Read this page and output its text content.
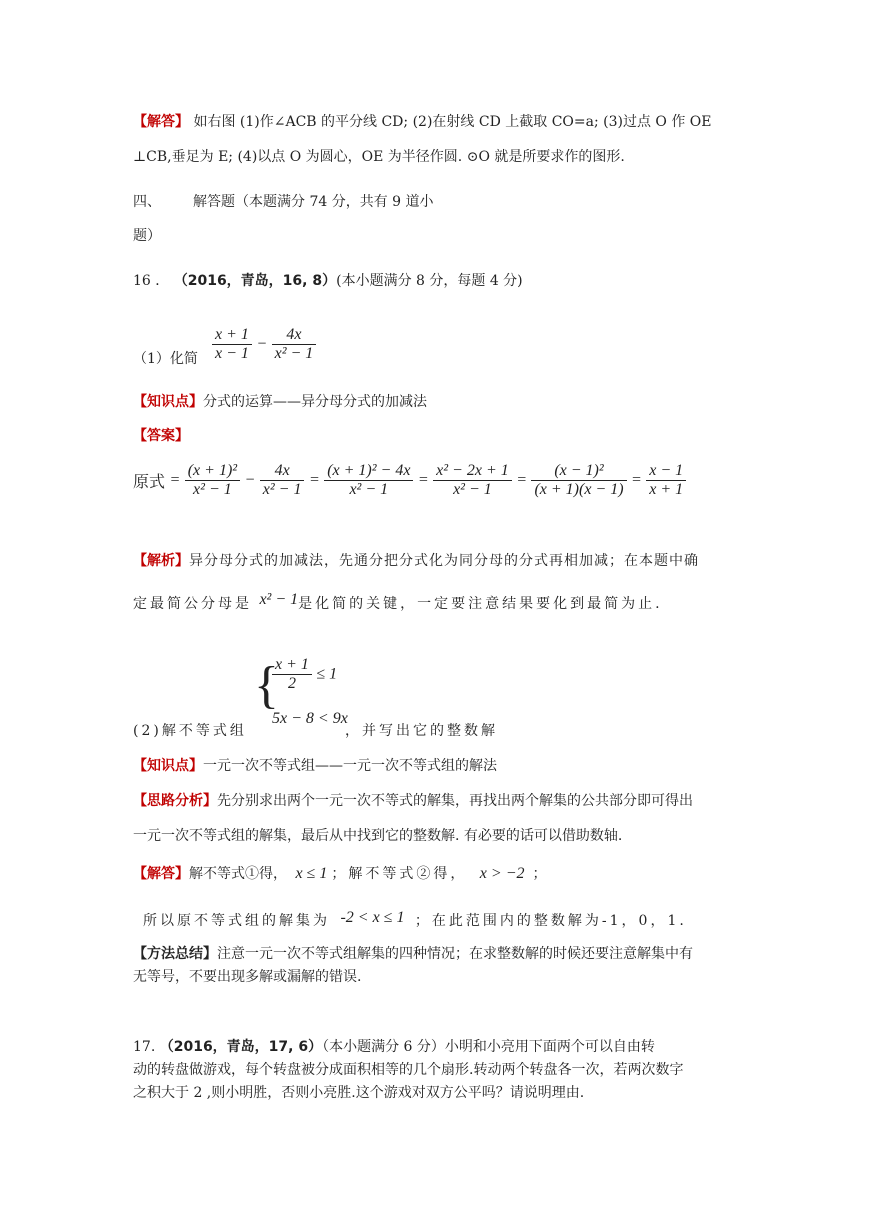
【解答】 如右图 (1)作∠ACB 的平分线 CD; (2)在射线 CD 上截取 CO=a; (3)过点 O 作 OE
⊥CB,垂足为 E; (4)以点 O 为圆心，OE 为半径作圆. ⊙O 就是所要求作的图形.
四、 解答题（本题满分 74 分，共有 9 道小
题）
16 ． （2016，青岛，16, 8）(本小题满分 8 分，每题 4 分)
（1）化简 $\frac{x + 1}{x - 1} - \frac{4x}{\text{x² − 1}}$
【知识点】分式的运算——异分母分式的加减法
【答案】
原式 = $\frac{\text{(x + 1)²}}{\text{x² − 1}} - \frac{4x}{\text{x² − 1}} = \frac{\text{(x + 1)² − 4x}}{\text{x² − 1}} = \frac{\text{x² − 2x + 1}}{\text{x² − 1}} = \frac{\text{(x − 1)²}}{(x + 1)(x - 1)} = \frac{x - 1}{x + 1}$
【解析】异分母分式的加减法，先通分把分式化为同分母的分式再相加减；在本题中确
定最简公分母是 x² − 1是化简的关键，一定要注意结果要化到最简为止.
{
$\frac{x + 1}{2} \le 1$
5x − 8 < 9x
(2)解不等式组	，并写出它的整数解
【知识点】一元一次不等式组——一元一次不等式组的解法
【思路分析】先分别求出两个一元一次不等式的解集，再找出两个解集的公共部分即可得出
一元一次不等式组的解集，最后从中找到它的整数解. 有必要的话可以借助数轴.
【解答】解不等式①得， x ≤ 1 ；解不等式②得， x > −2 ；
所以原不等式组的解集为 -2 < x ≤ 1 ；在此范围内的整数解为-1，0，1.
【方法总结】注意一元一次不等式组解集的四种情况；在求整数解的时候还要注意解集中有
无等号，不要出现多解或漏解的错误.
17. （2016，青岛，17, 6）（本小题满分 6 分）小明和小亮用下面两个可以自由转
动的转盘做游戏，每个转盘被分成面积相等的几个扇形.转动两个转盘各一次，若两次数字
之积大于 2 ,则小明胜，否则小亮胜.这个游戏对双方公平吗？请说明理由.
